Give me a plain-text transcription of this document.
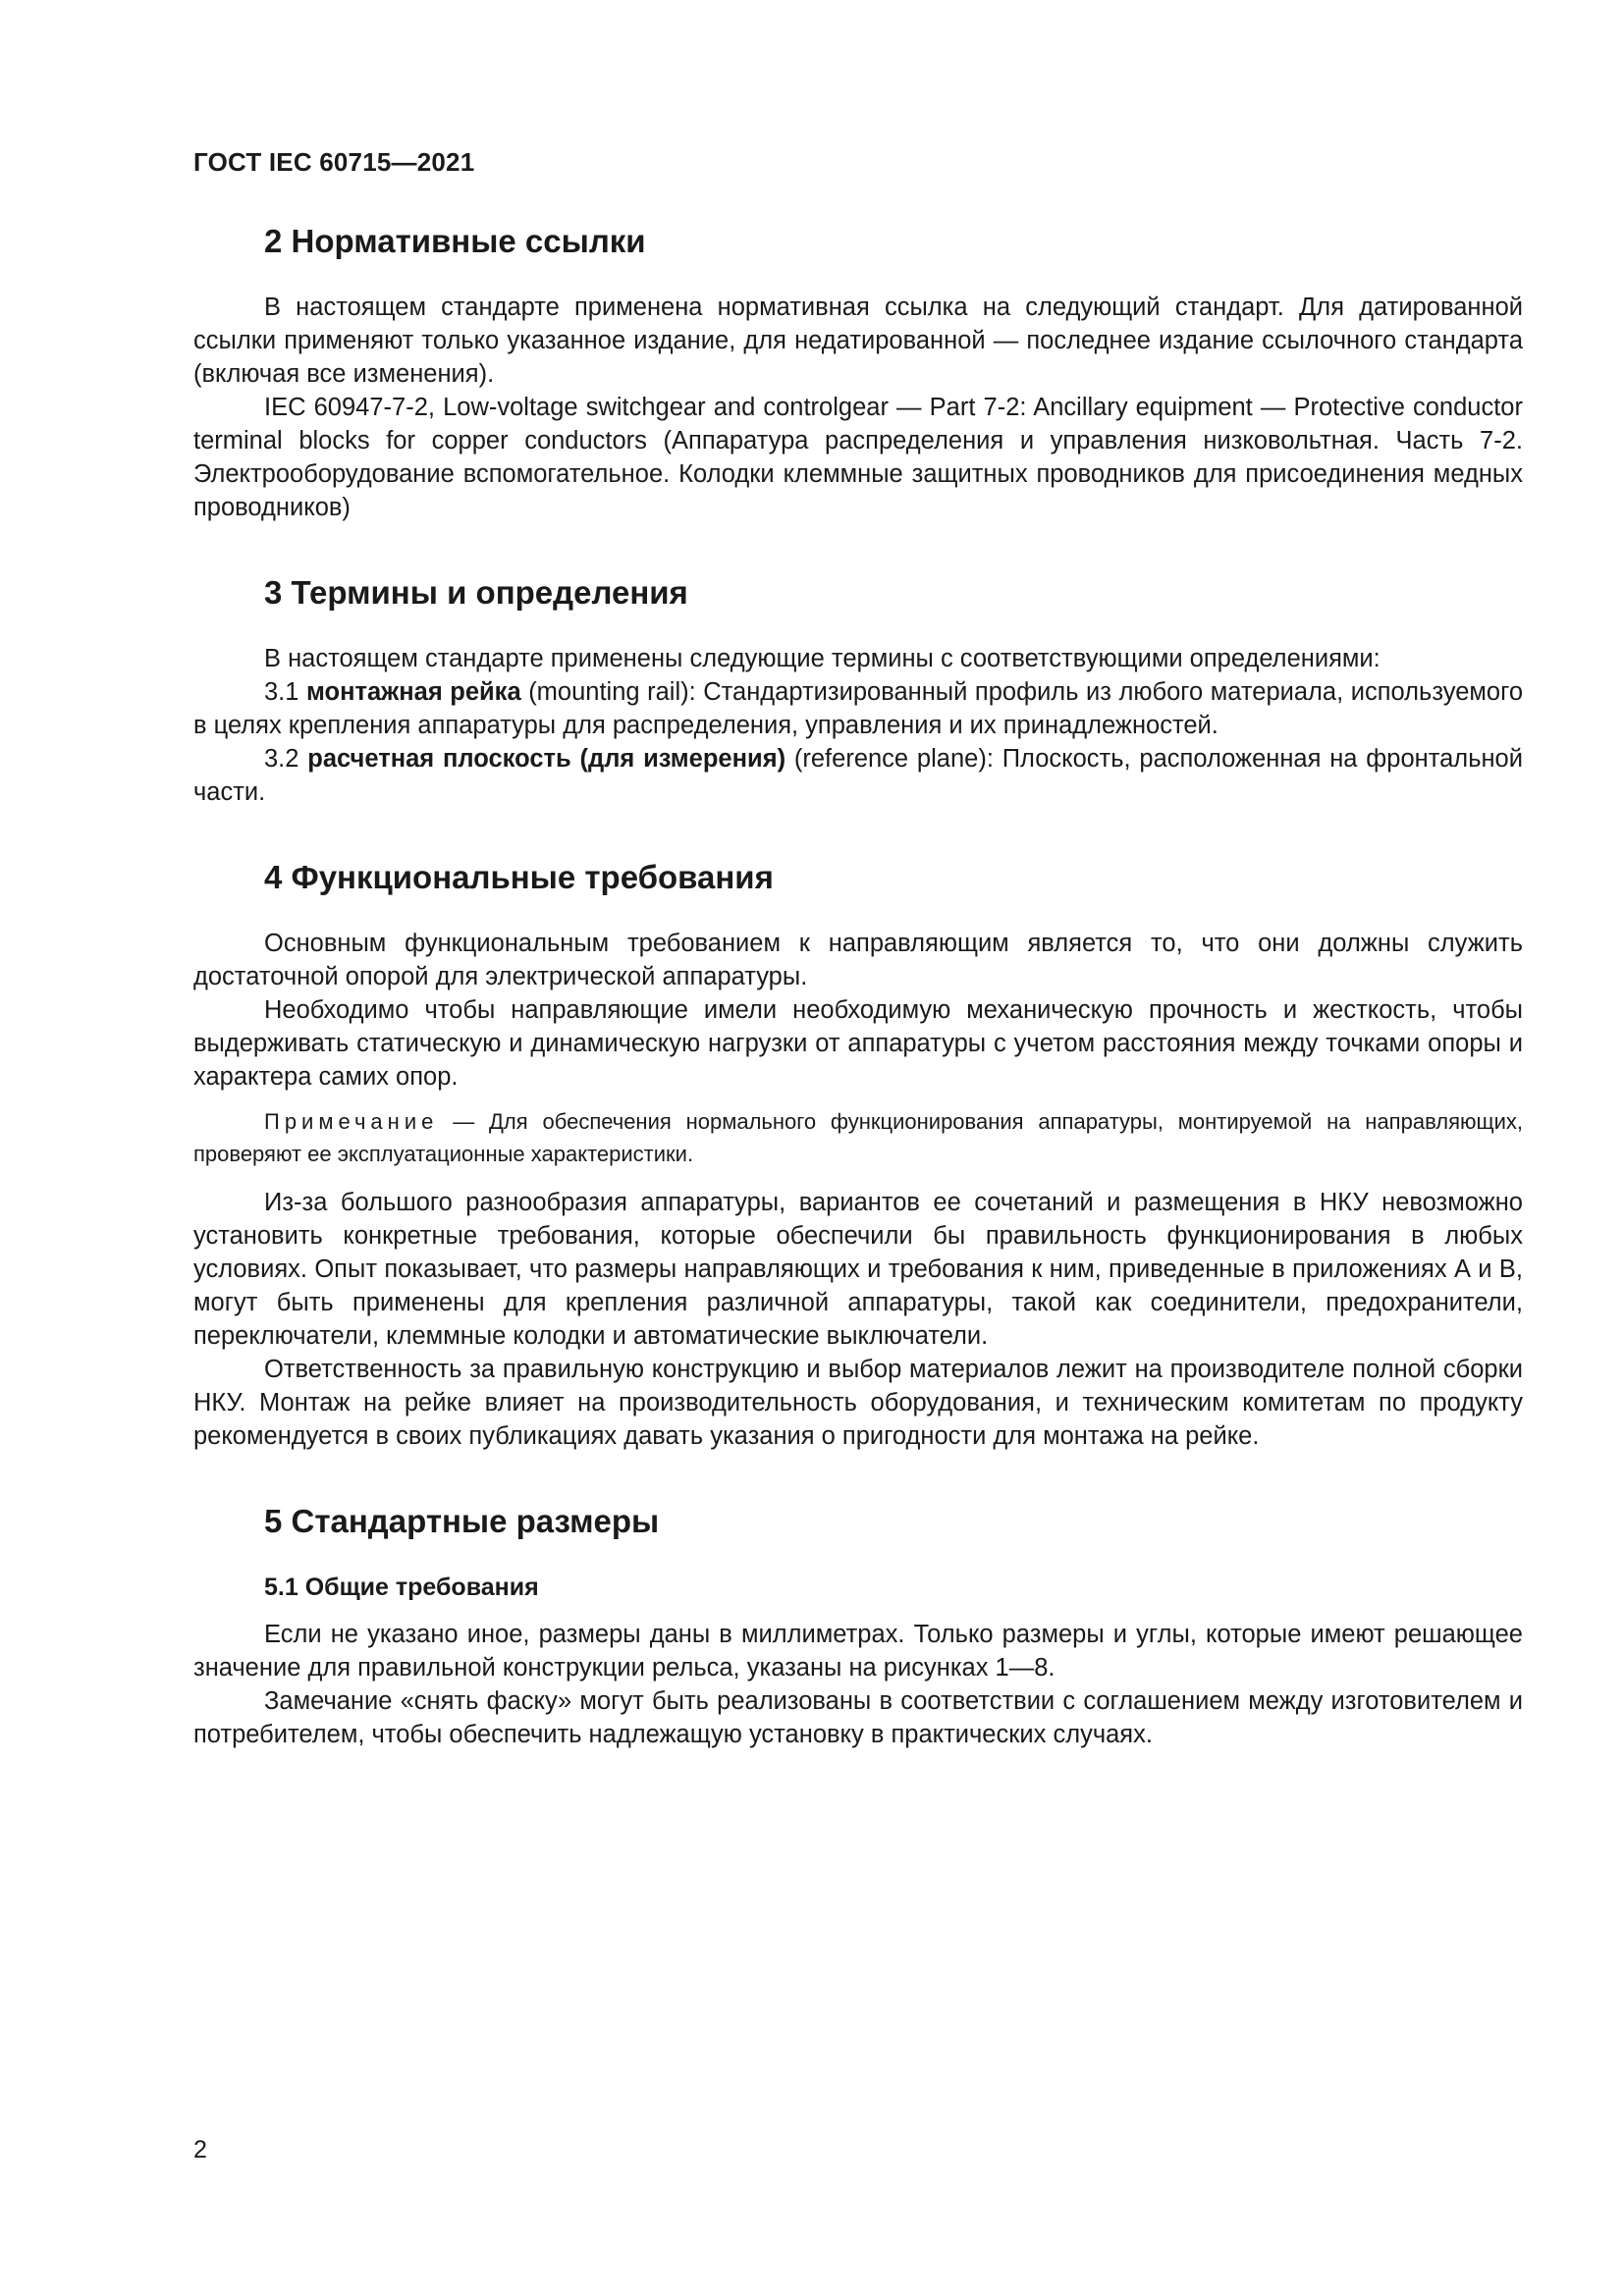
ГОСТ IEC 60715—2021
2 Нормативные ссылки

В настоящем стандарте применена нормативная ссылка на следующий стандарт. Для датированной ссылки применяют только указанное издание, для недатированной — последнее издание ссылочного стандарта (включая все изменения).

IEC 60947-7-2, Low-voltage switchgear and controlgear — Part 7-2: Ancillary equipment — Protective conductor terminal blocks for copper conductors (Аппаратура распределения и управления низковольтная. Часть 7-2. Электрооборудование вспомогательное. Колодки клеммные защитных проводников для присоединения медных проводников)

3 Термины и определения

В настоящем стандарте применены следующие термины с соответствующими определениями:

3.1 монтажная рейка (mounting rail): Стандартизированный профиль из любого материала, используемого в целях крепления аппаратуры для распределения, управления и их принадлежностей.

3.2 расчетная плоскость (для измерения) (reference plane): Плоскость, расположенная на фронтальной части.

4 Функциональные требования

Основным функциональным требованием к направляющим является то, что они должны служить достаточной опорой для электрической аппаратуры.

Необходимо чтобы направляющие имели необходимую механическую прочность и жесткость, чтобы выдерживать статическую и динамическую нагрузки от аппаратуры с учетом расстояния между точками опоры и характера самих опор.

Примечание — Для обеспечения нормального функционирования аппаратуры, монтируемой на направляющих, проверяют ее эксплуатационные характеристики.

Из-за большого разнообразия аппаратуры, вариантов ее сочетаний и размещения в НКУ невозможно установить конкретные требования, которые обеспечили бы правильность функционирования в любых условиях. Опыт показывает, что размеры направляющих и требования к ним, приведенные в приложениях А и В, могут быть применены для крепления различной аппаратуры, такой как соединители, предохранители, переключатели, клеммные колодки и автоматические выключатели.

Ответственность за правильную конструкцию и выбор материалов лежит на производителе полной сборки НКУ. Монтаж на рейке влияет на производительность оборудования, и техническим комитетам по продукту рекомендуется в своих публикациях давать указания о пригодности для монтажа на рейке.

5 Стандартные размеры
5.1 Общие требования

Если не указано иное, размеры даны в миллиметрах. Только размеры и углы, которые имеют решающее значение для правильной конструкции рельса, указаны на рисунках 1—8.

Замечание «снять фаску» могут быть реализованы в соответствии с соглашением между изготовителем и потребителем, чтобы обеспечить надлежащую установку в практических случаях.

2
